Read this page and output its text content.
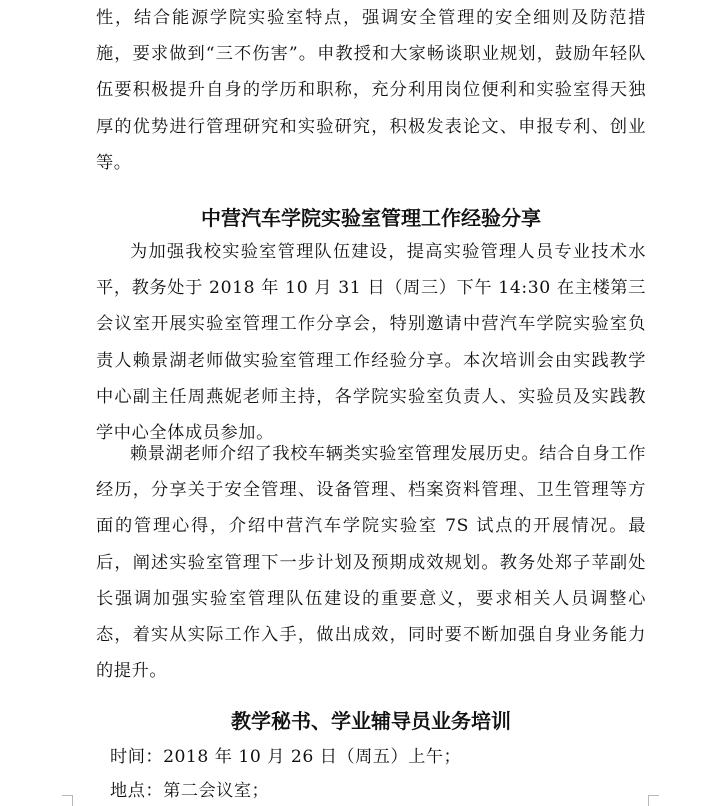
性，结合能源学院实验室特点，强调安全管理的安全细则及防范措施，要求做到“三不伤害”。申教授和大家畅谈职业规划，鼓励年轻队伍要积极提升自身的学历和职称，充分利用岗位便利和实验室得天独厚的优势进行管理研究和实验研究，积极发表论文、申报专利、创业等。

中营汽车学院实验室管理工作经验分享

为加强我校实验室管理队伍建设，提高实验管理人员专业技术水平，教务处于 2018 年 10 月 31 日（周三）下午 14:30 在主楼第三会议室开展实验室管理工作分享会，特别邀请中营汽车学院实验室负责人赖景湖老师做实验室管理工作经验分享。本次培训会由实践教学中心副主任周燕妮老师主持，各学院实验室负责人、实验员及实践教学中心全体成员参加。

赖景湖老师介绍了我校车辆类实验室管理发展历史。结合自身工作经历，分享关于安全管理、设备管理、档案资料管理、卫生管理等方面的管理心得，介绍中营汽车学院实验室 7S 试点的开展情况。最后，阐述实验室管理下一步计划及预期成效规划。教务处郑子苹副处长强调加强实验室管理队伍建设的重要意义，要求相关人员调整心态，着实从实际工作入手，做出成效，同时要不断加强自身业务能力的提升。

教学秘书、学业辅导员业务培训

时间：2018 年 10 月 26 日（周五）上午；

地点：第二会议室；
